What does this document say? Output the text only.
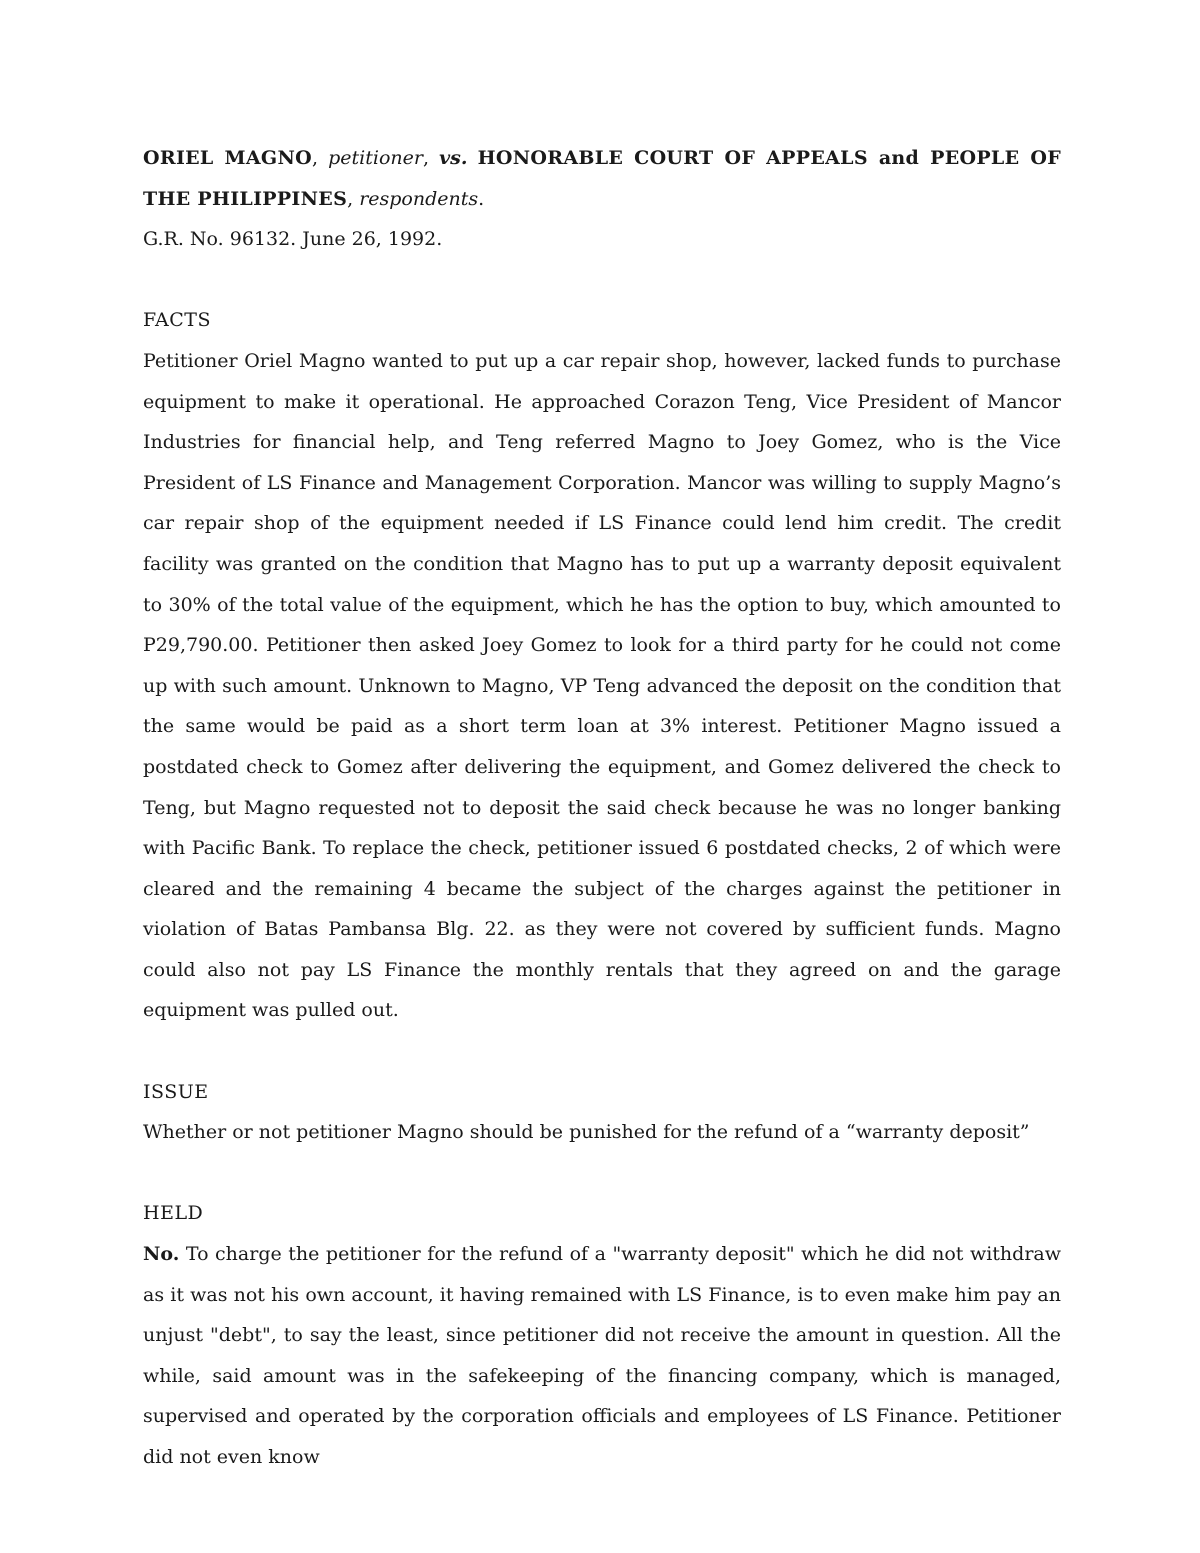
ORIEL MAGNO, petitioner, vs. HONORABLE COURT OF APPEALS and PEOPLE OF THE PHILIPPINES, respondents.

G.R. No. 96132. June 26, 1992.

FACTS

Petitioner Oriel Magno wanted to put up a car repair shop, however, lacked funds to purchase equipment to make it operational. He approached Corazon Teng, Vice President of Mancor Industries for financial help, and Teng referred Magno to Joey Gomez, who is the Vice President of LS Finance and Management Corporation. Mancor was willing to supply Magno’s car repair shop of the equipment needed if LS Finance could lend him credit. The credit facility was granted on the condition that Magno has to put up a warranty deposit equivalent to 30% of the total value of the equipment, which he has the option to buy, which amounted to P29,790.00. Petitioner then asked Joey Gomez to look for a third party for he could not come up with such amount. Unknown to Magno, VP Teng advanced the deposit on the condition that the same would be paid as a short term loan at 3% interest. Petitioner Magno issued a postdated check to Gomez after delivering the equipment, and Gomez delivered the check to Teng, but Magno requested not to deposit the said check because he was no longer banking with Pacific Bank. To replace the check, petitioner issued 6 postdated checks, 2 of which were cleared and the remaining 4 became the subject of the charges against the petitioner in violation of Batas Pambansa Blg. 22. as they were not covered by sufficient funds. Magno could also not pay LS Finance the monthly rentals that they agreed on and the garage equipment was pulled out.

ISSUE

Whether or not petitioner Magno should be punished for the refund of a “warranty deposit”

HELD

No. To charge the petitioner for the refund of a "warranty deposit" which he did not withdraw as it was not his own account, it having remained with LS Finance, is to even make him pay an unjust "debt", to say the least, since petitioner did not receive the amount in question. All the while, said amount was in the safekeeping of the financing company, which is managed, supervised and operated by the corporation officials and employees of LS Finance. Petitioner did not even know
